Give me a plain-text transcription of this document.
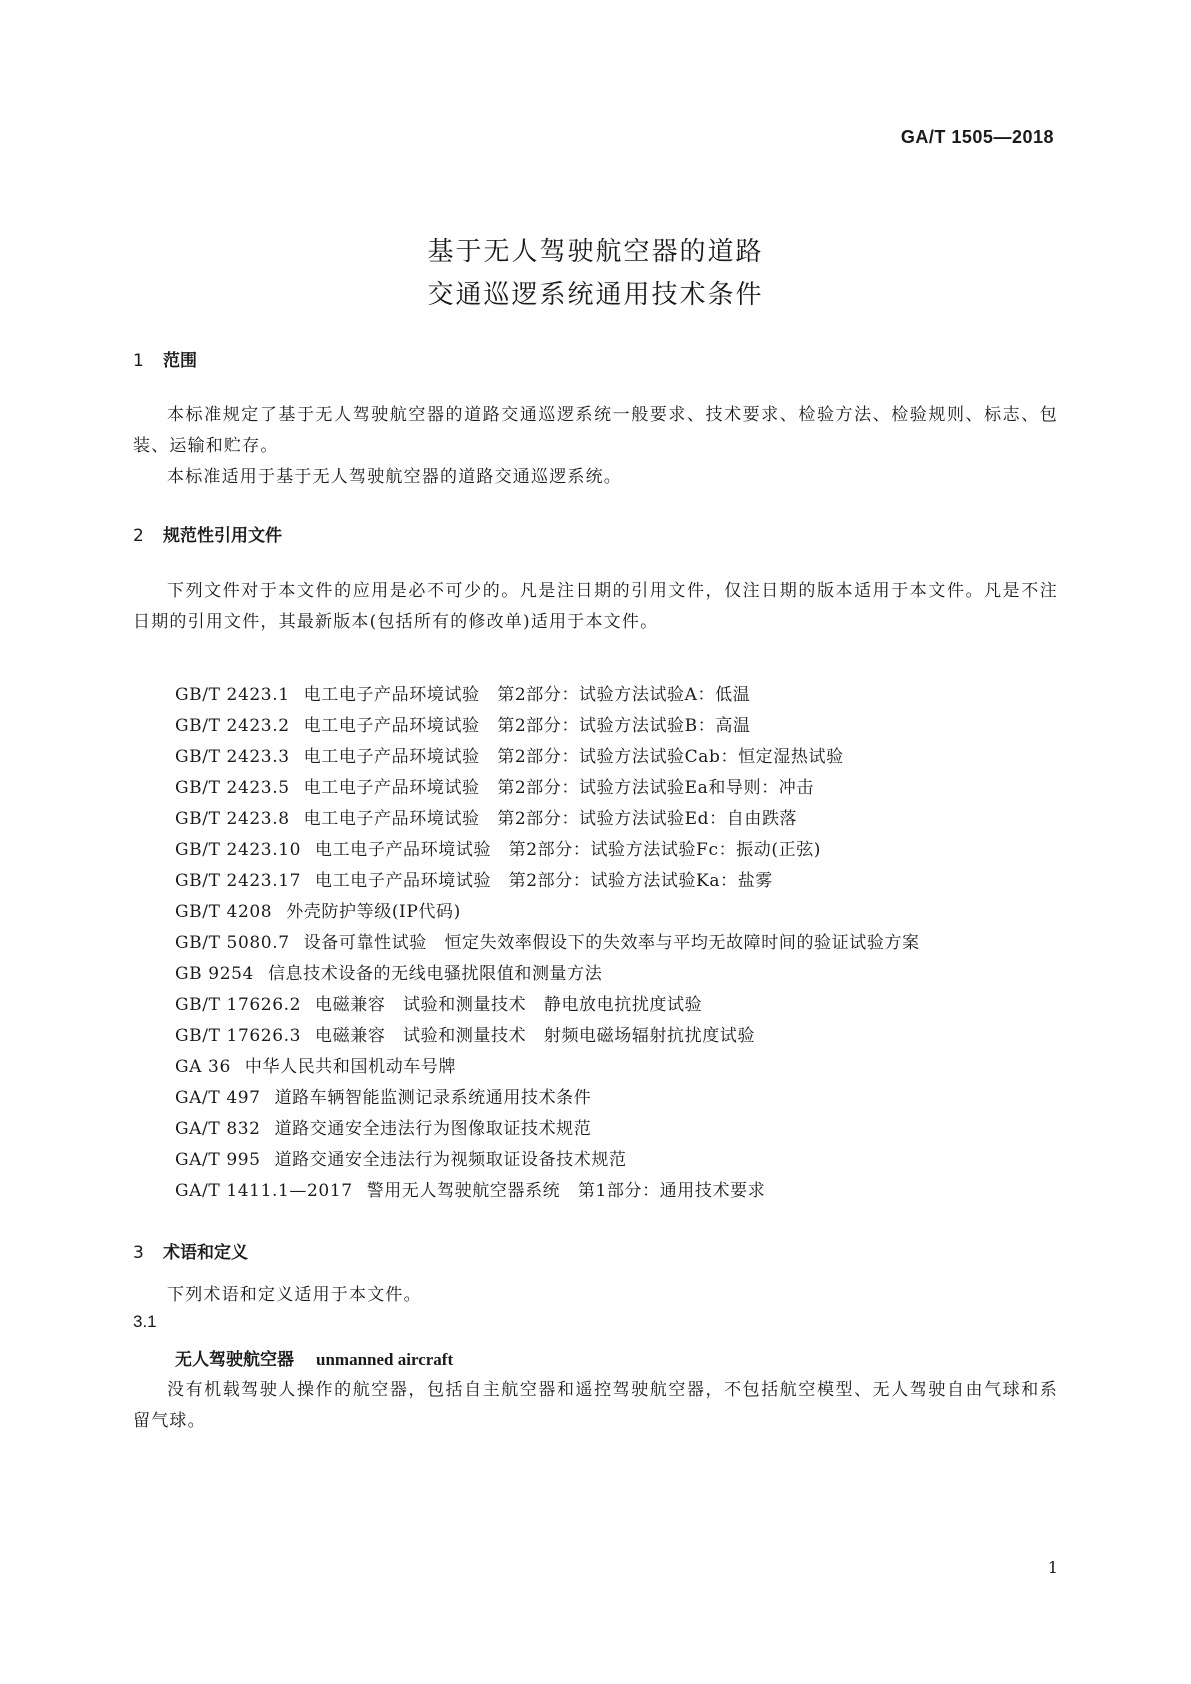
GA/T 1505—2018
基于无人驾驶航空器的道路
交通巡逻系统通用技术条件
1 范围
本标准规定了基于无人驾驶航空器的道路交通巡逻系统一般要求、技术要求、检验方法、检验规则、标志、包装、运输和贮存。
本标准适用于基于无人驾驶航空器的道路交通巡逻系统。
2 规范性引用文件
下列文件对于本文件的应用是必不可少的。凡是注日期的引用文件，仅注日期的版本适用于本文件。凡是不注日期的引用文件，其最新版本(包括所有的修改单)适用于本文件。
GB/T 2423.1 电工电子产品环境试验　第2部分：试验方法试验A：低温
GB/T 2423.2 电工电子产品环境试验　第2部分：试验方法试验B：高温
GB/T 2423.3 电工电子产品环境试验　第2部分：试验方法试验Cab：恒定湿热试验
GB/T 2423.5 电工电子产品环境试验　第2部分：试验方法试验Ea和导则：冲击
GB/T 2423.8 电工电子产品环境试验　第2部分：试验方法试验Ed：自由跌落
GB/T 2423.10 电工电子产品环境试验　第2部分：试验方法试验Fc：振动(正弦)
GB/T 2423.17 电工电子产品环境试验　第2部分：试验方法试验Ka：盐雾
GB/T 4208 外壳防护等级(IP代码)
GB/T 5080.7 设备可靠性试验　恒定失效率假设下的失效率与平均无故障时间的验证试验方案
GB 9254 信息技术设备的无线电骚扰限值和测量方法
GB/T 17626.2 电磁兼容　试验和测量技术　静电放电抗扰度试验
GB/T 17626.3 电磁兼容　试验和测量技术　射频电磁场辐射抗扰度试验
GA 36 中华人民共和国机动车号牌
GA/T 497 道路车辆智能监测记录系统通用技术条件
GA/T 832 道路交通安全违法行为图像取证技术规范
GA/T 995 道路交通安全违法行为视频取证设备技术规范
GA/T 1411.1—2017 警用无人驾驶航空器系统　第1部分：通用技术要求
3 术语和定义
下列术语和定义适用于本文件。
3.1
无人驾驶航空器 unmanned aircraft
没有机载驾驶人操作的航空器，包括自主航空器和遥控驾驶航空器，不包括航空模型、无人驾驶自由气球和系留气球。
1
